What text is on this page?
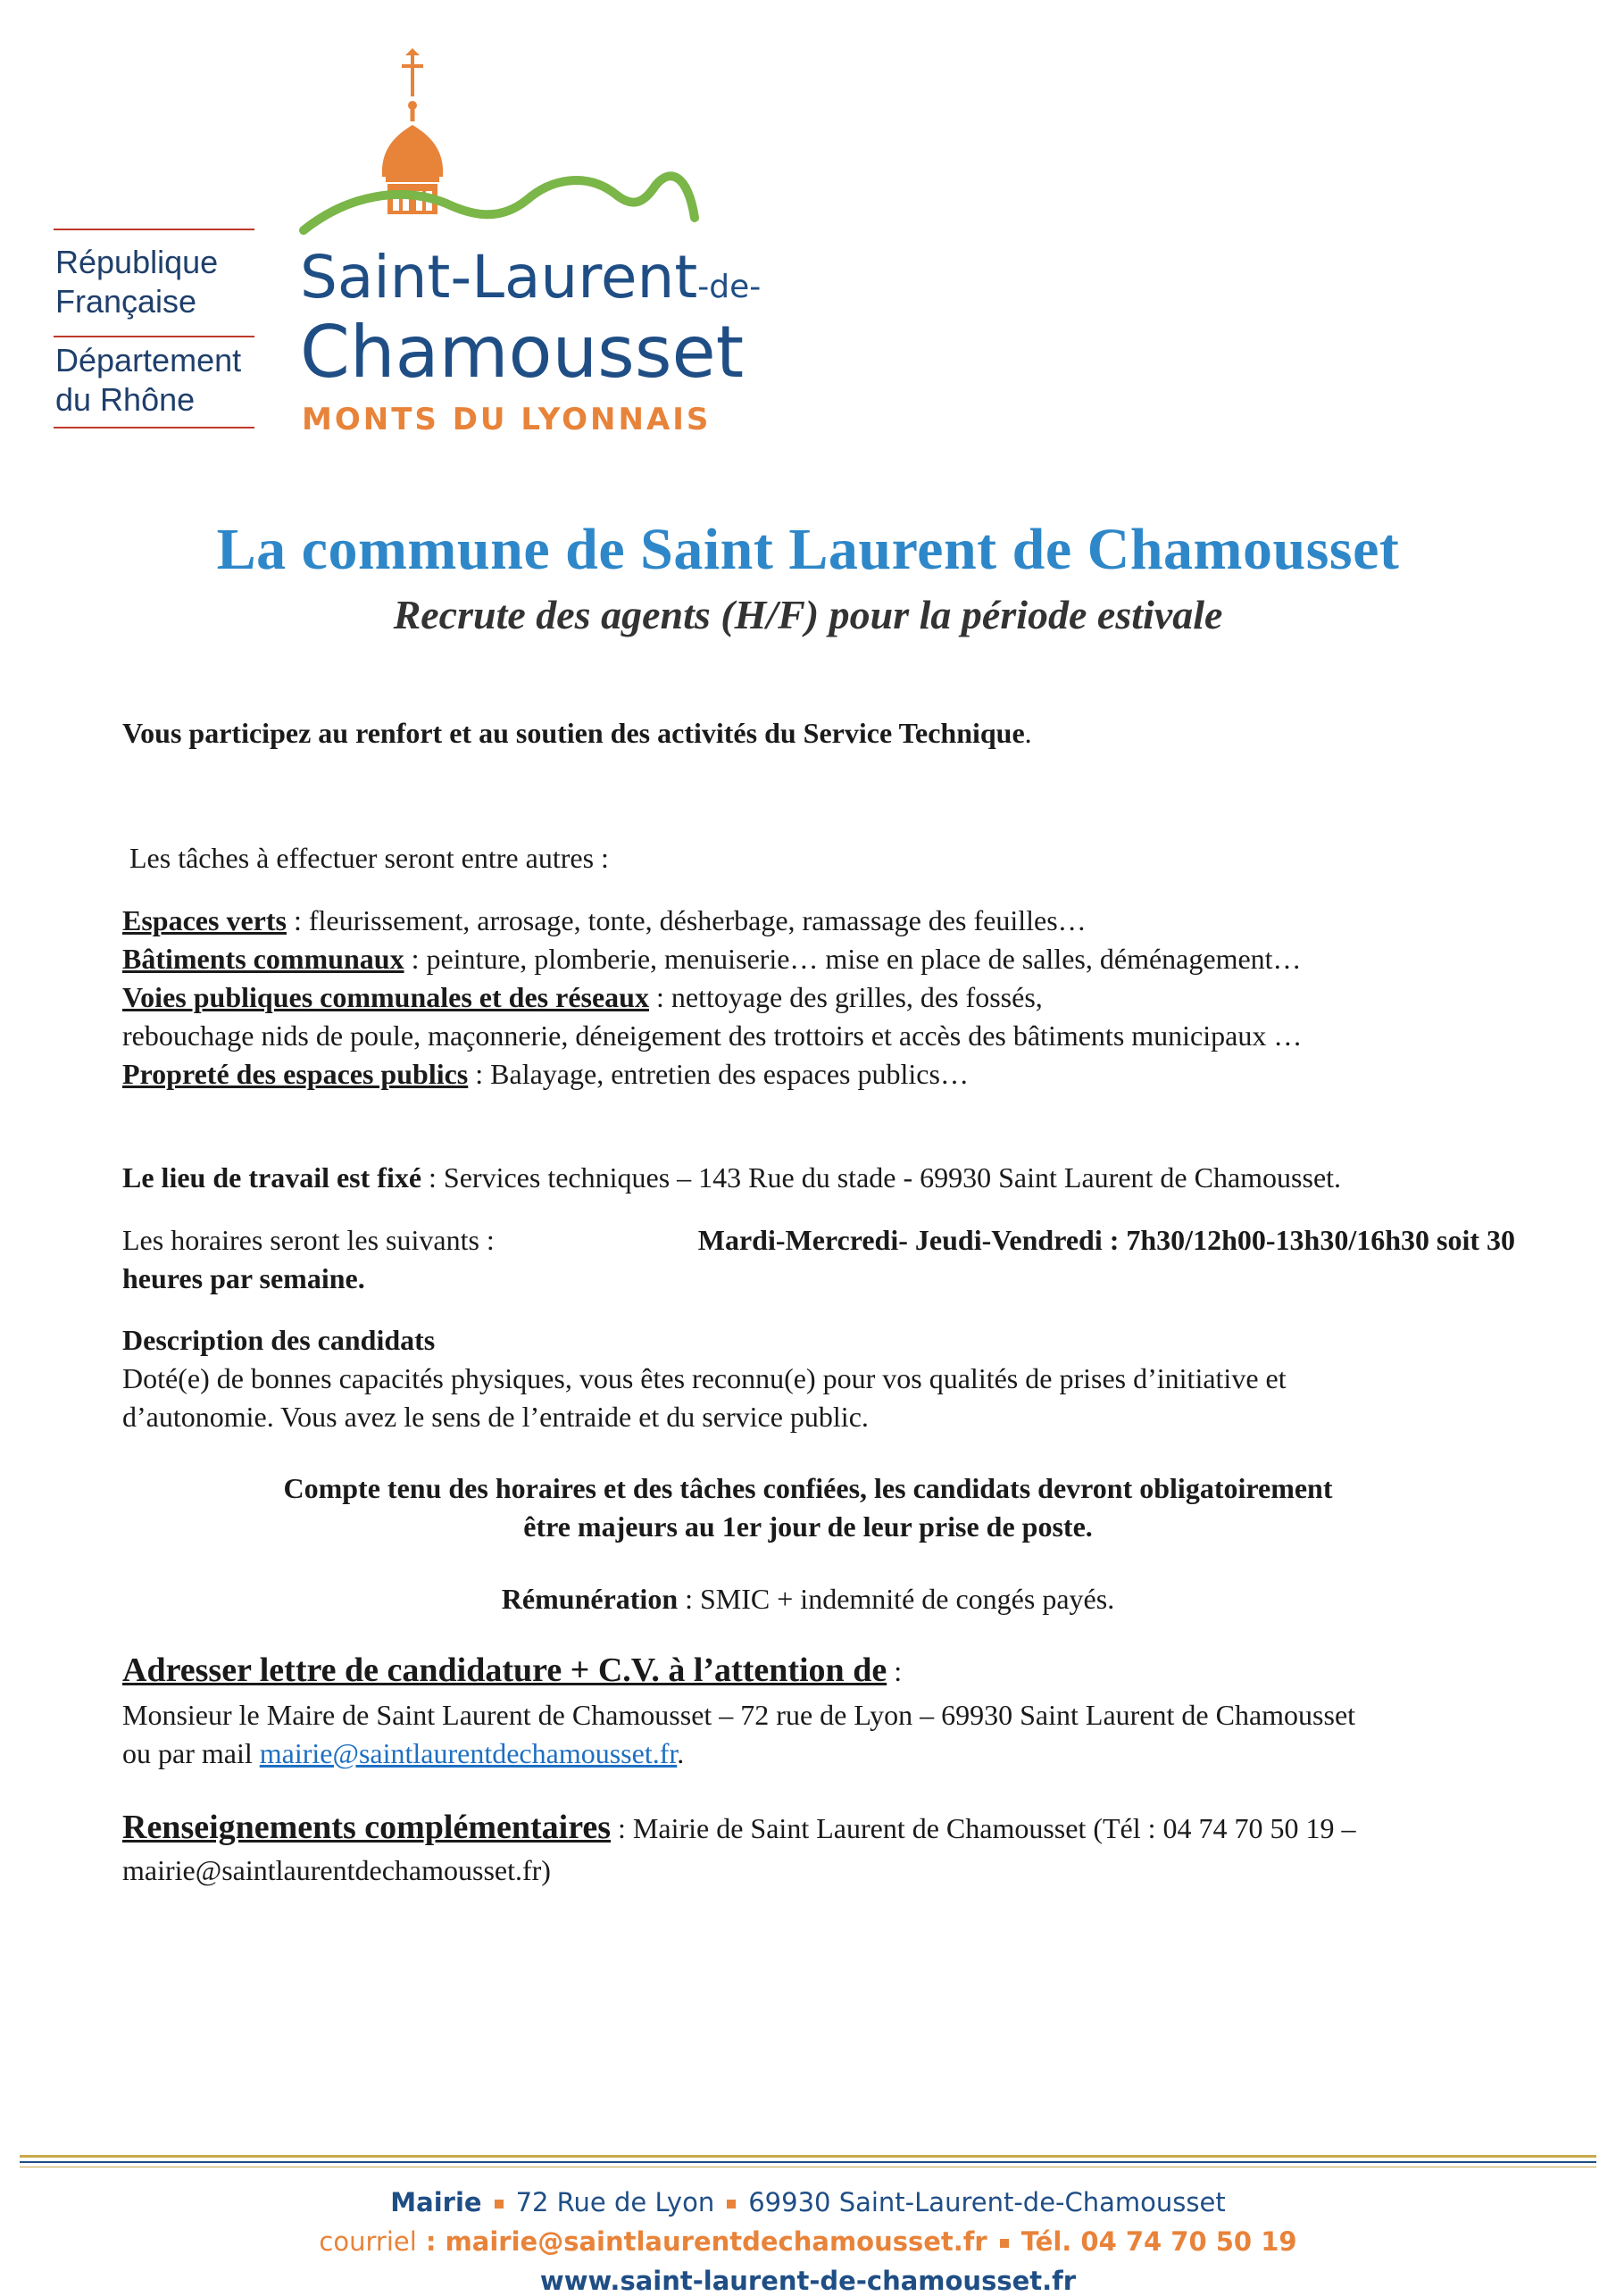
République
Française
Département
du Rhône
Saint-Laurent-de-
Chamousset
MONTS DU LYONNAIS
La commune de Saint Laurent de Chamousset
Recrute des agents (H/F) pour la période estivale
Vous participez au renfort et au soutien des activités du Service Technique.
Les tâches à effectuer seront entre autres :
Espaces verts : fleurissement, arrosage, tonte, désherbage, ramassage des feuilles…
Bâtiments communaux : peinture, plomberie, menuiserie… mise en place de salles, déménagement…
Voies publiques communales et des réseaux : nettoyage des grilles, des fossés,
rebouchage nids de poule, maçonnerie, déneigement des trottoirs et accès des bâtiments municipaux …
Propreté des espaces publics : Balayage, entretien des espaces publics…
Le lieu de travail est fixé : Services techniques – 143 Rue du stade - 69930 Saint Laurent de Chamousset.
Les horaires seront les suivants :	Mardi-Mercredi- Jeudi-Vendredi : 7h30/12h00-13h30/16h30 soit 30
heures par semaine.
Description des candidats
Doté(e) de bonnes capacités physiques, vous êtes reconnu(e) pour vos qualités de prises d’initiative et
d’autonomie. Vous avez le sens de l’entraide et du service public.
Compte tenu des horaires et des tâches confiées, les candidats devront obligatoirement
être majeurs au 1er jour de leur prise de poste.
Rémunération : SMIC + indemnité de congés payés.
Adresser lettre de candidature + C.V. à l’attention de :
Monsieur le Maire de Saint Laurent de Chamousset – 72 rue de Lyon – 69930 Saint Laurent de Chamousset
ou par mail mairie@saintlaurentdechamousset.fr.
Renseignements complémentaires : Mairie de Saint Laurent de Chamousset (Tél : 04 74 70 50 19 –
mairie@saintlaurentdechamousset.fr)
Mairie 72 Rue de Lyon 69930 Saint-Laurent-de-Chamousset
courriel : mairie@saintlaurentdechamousset.fr Tél. 04 74 70 50 19
www.saint-laurent-de-chamousset.fr
